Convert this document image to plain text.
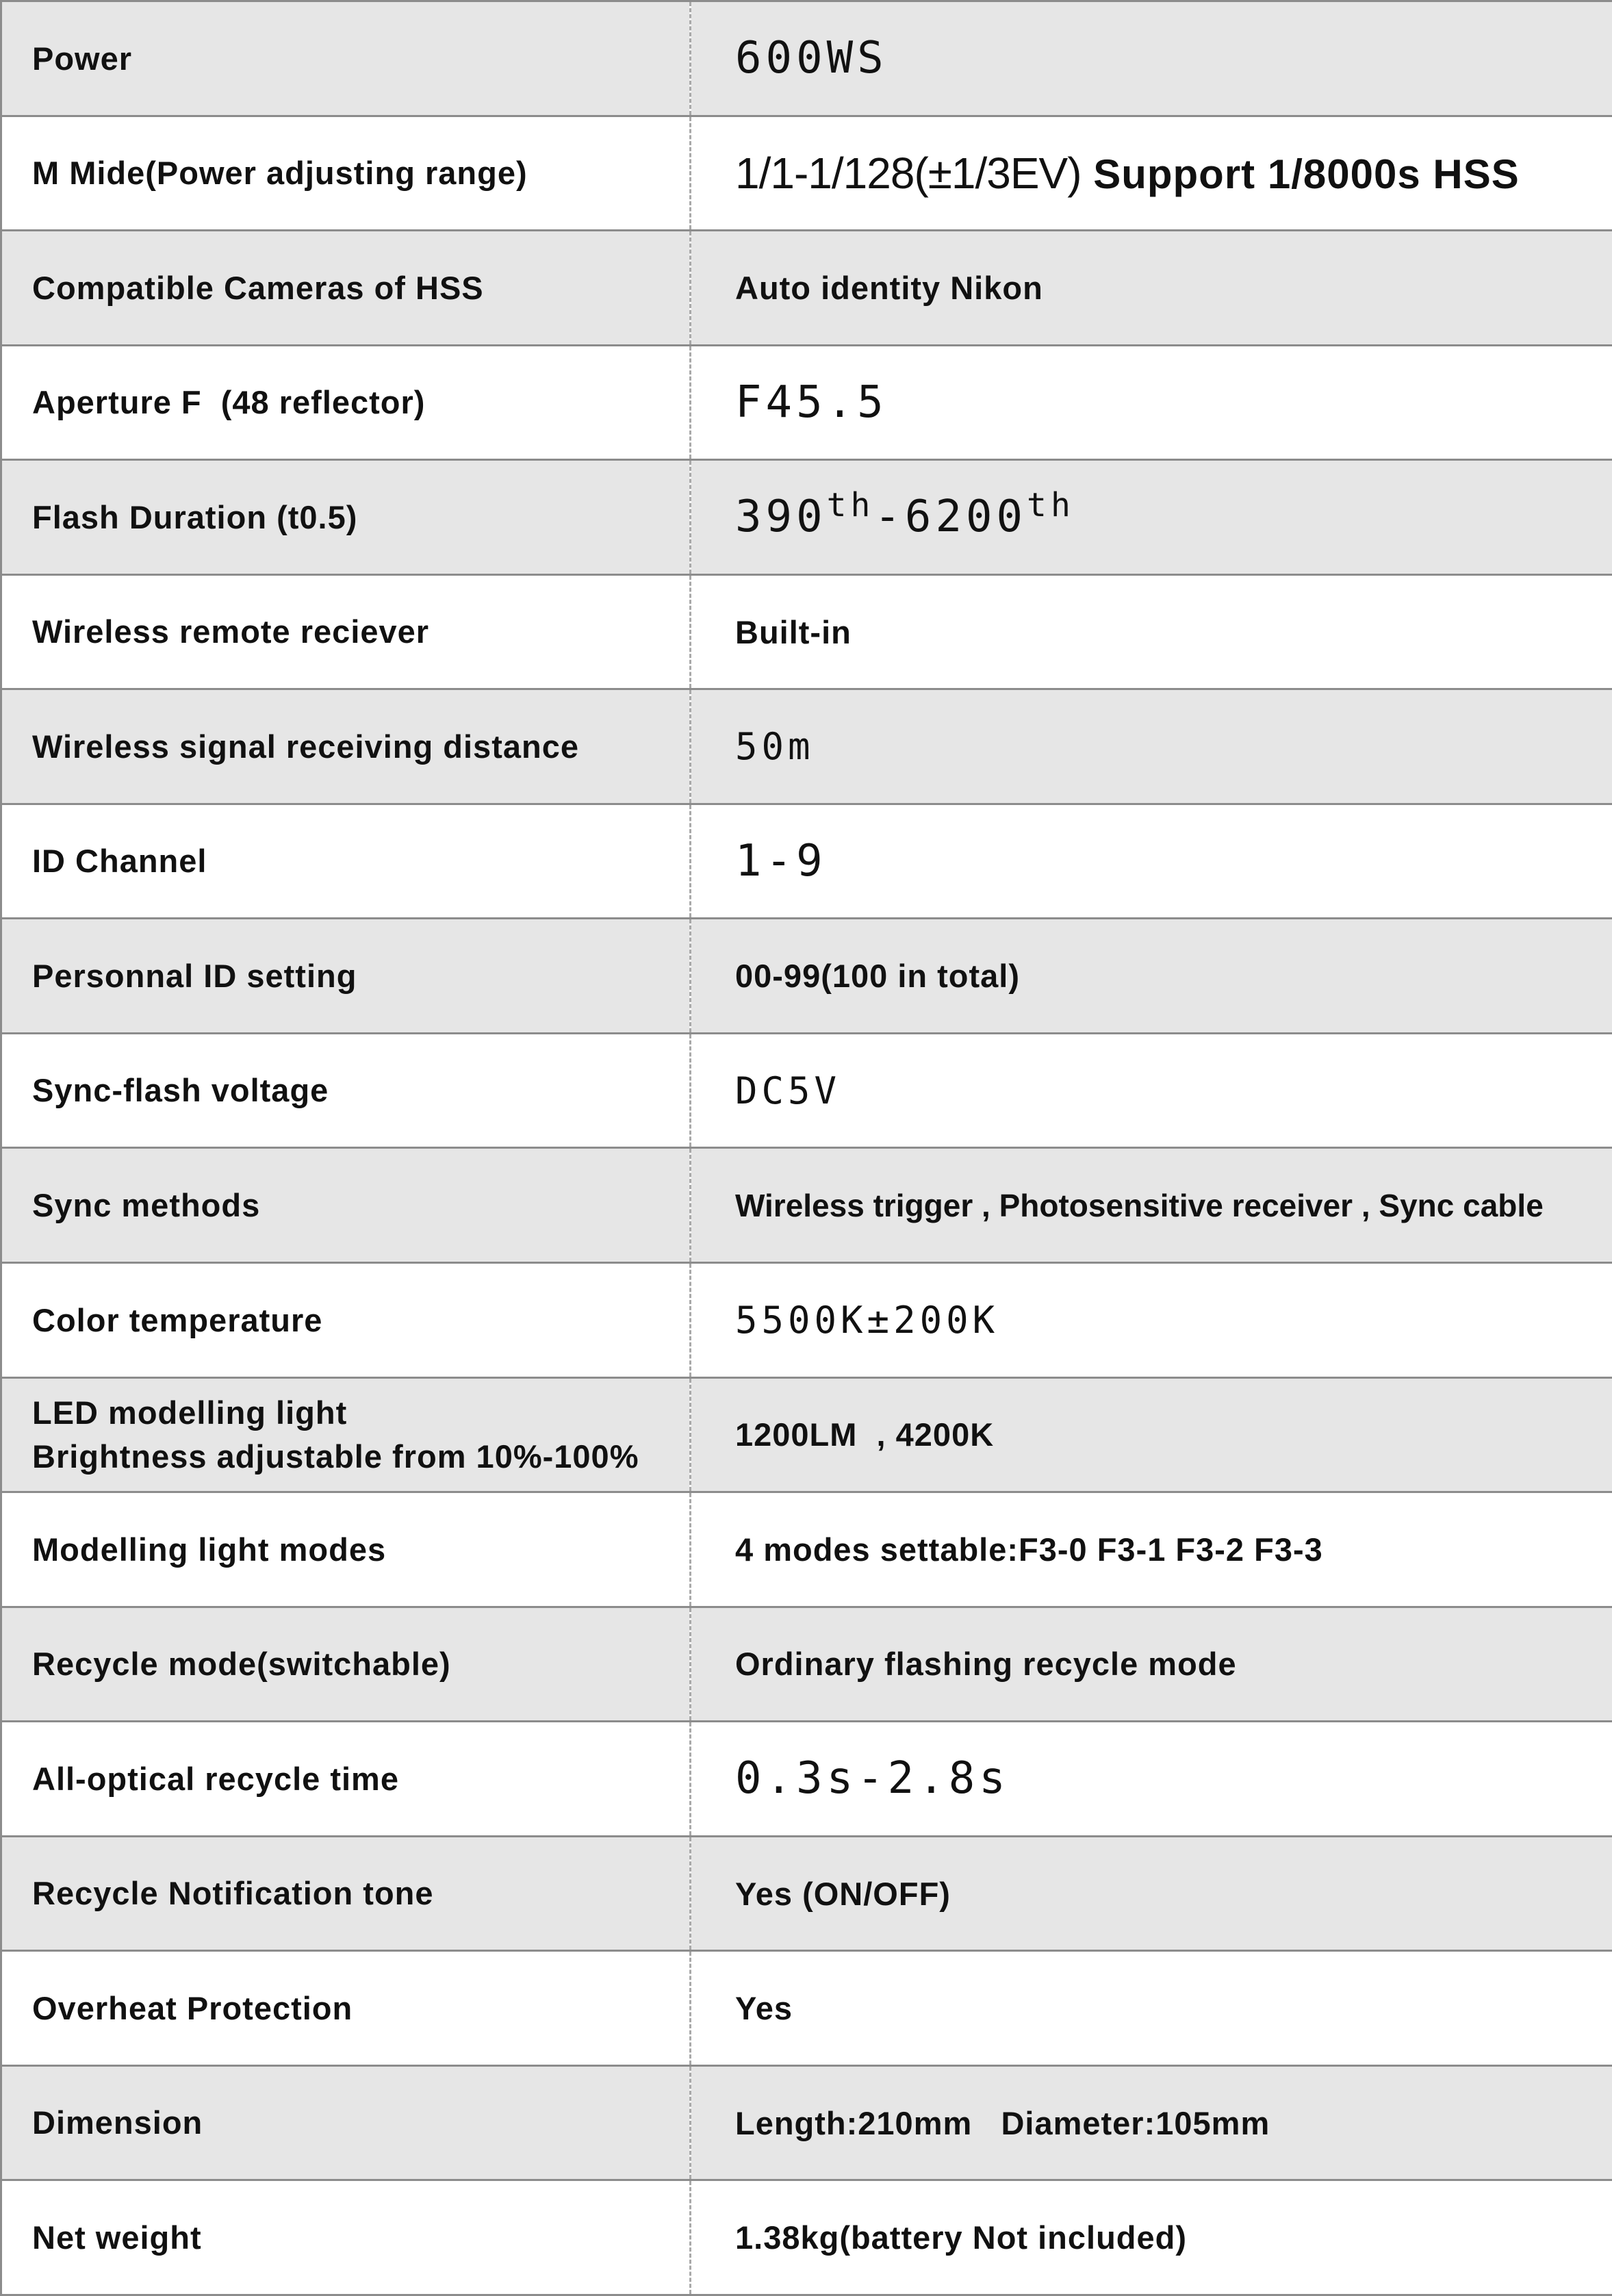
Power	600WS
M Mide(Power adjusting range)	1/1-1/128(±1/3EV) Support 1/8000s HSS
Compatible Cameras of HSS	Auto identity Nikon
Aperture F  (48 reflector)	F45.5
Flash Duration (t0.5)	390th-6200th
Wireless remote reciever	Built-in
Wireless signal receiving distance	50m
ID Channel	1-9
Personnal ID setting	00-99(100 in total)
Sync-flash voltage	DC5V
Sync methods	Wireless trigger , Photosensitive receiver , Sync cable
Color temperature	5500K±200K

LED modelling light
Brightness adjustable from 10%-100%	1200LM  , 4200K
Modelling light modes	4 modes settable:F3-0 F3-1 F3-2 F3-3
Recycle mode(switchable)	Ordinary flashing recycle mode
All-optical recycle time	0.3s-2.8s
Recycle Notification tone	Yes (ON/OFF)
Overheat Protection	Yes
Dimension	Length:210mm   Diameter:105mm
Net weight	1.38kg(battery Not included)
